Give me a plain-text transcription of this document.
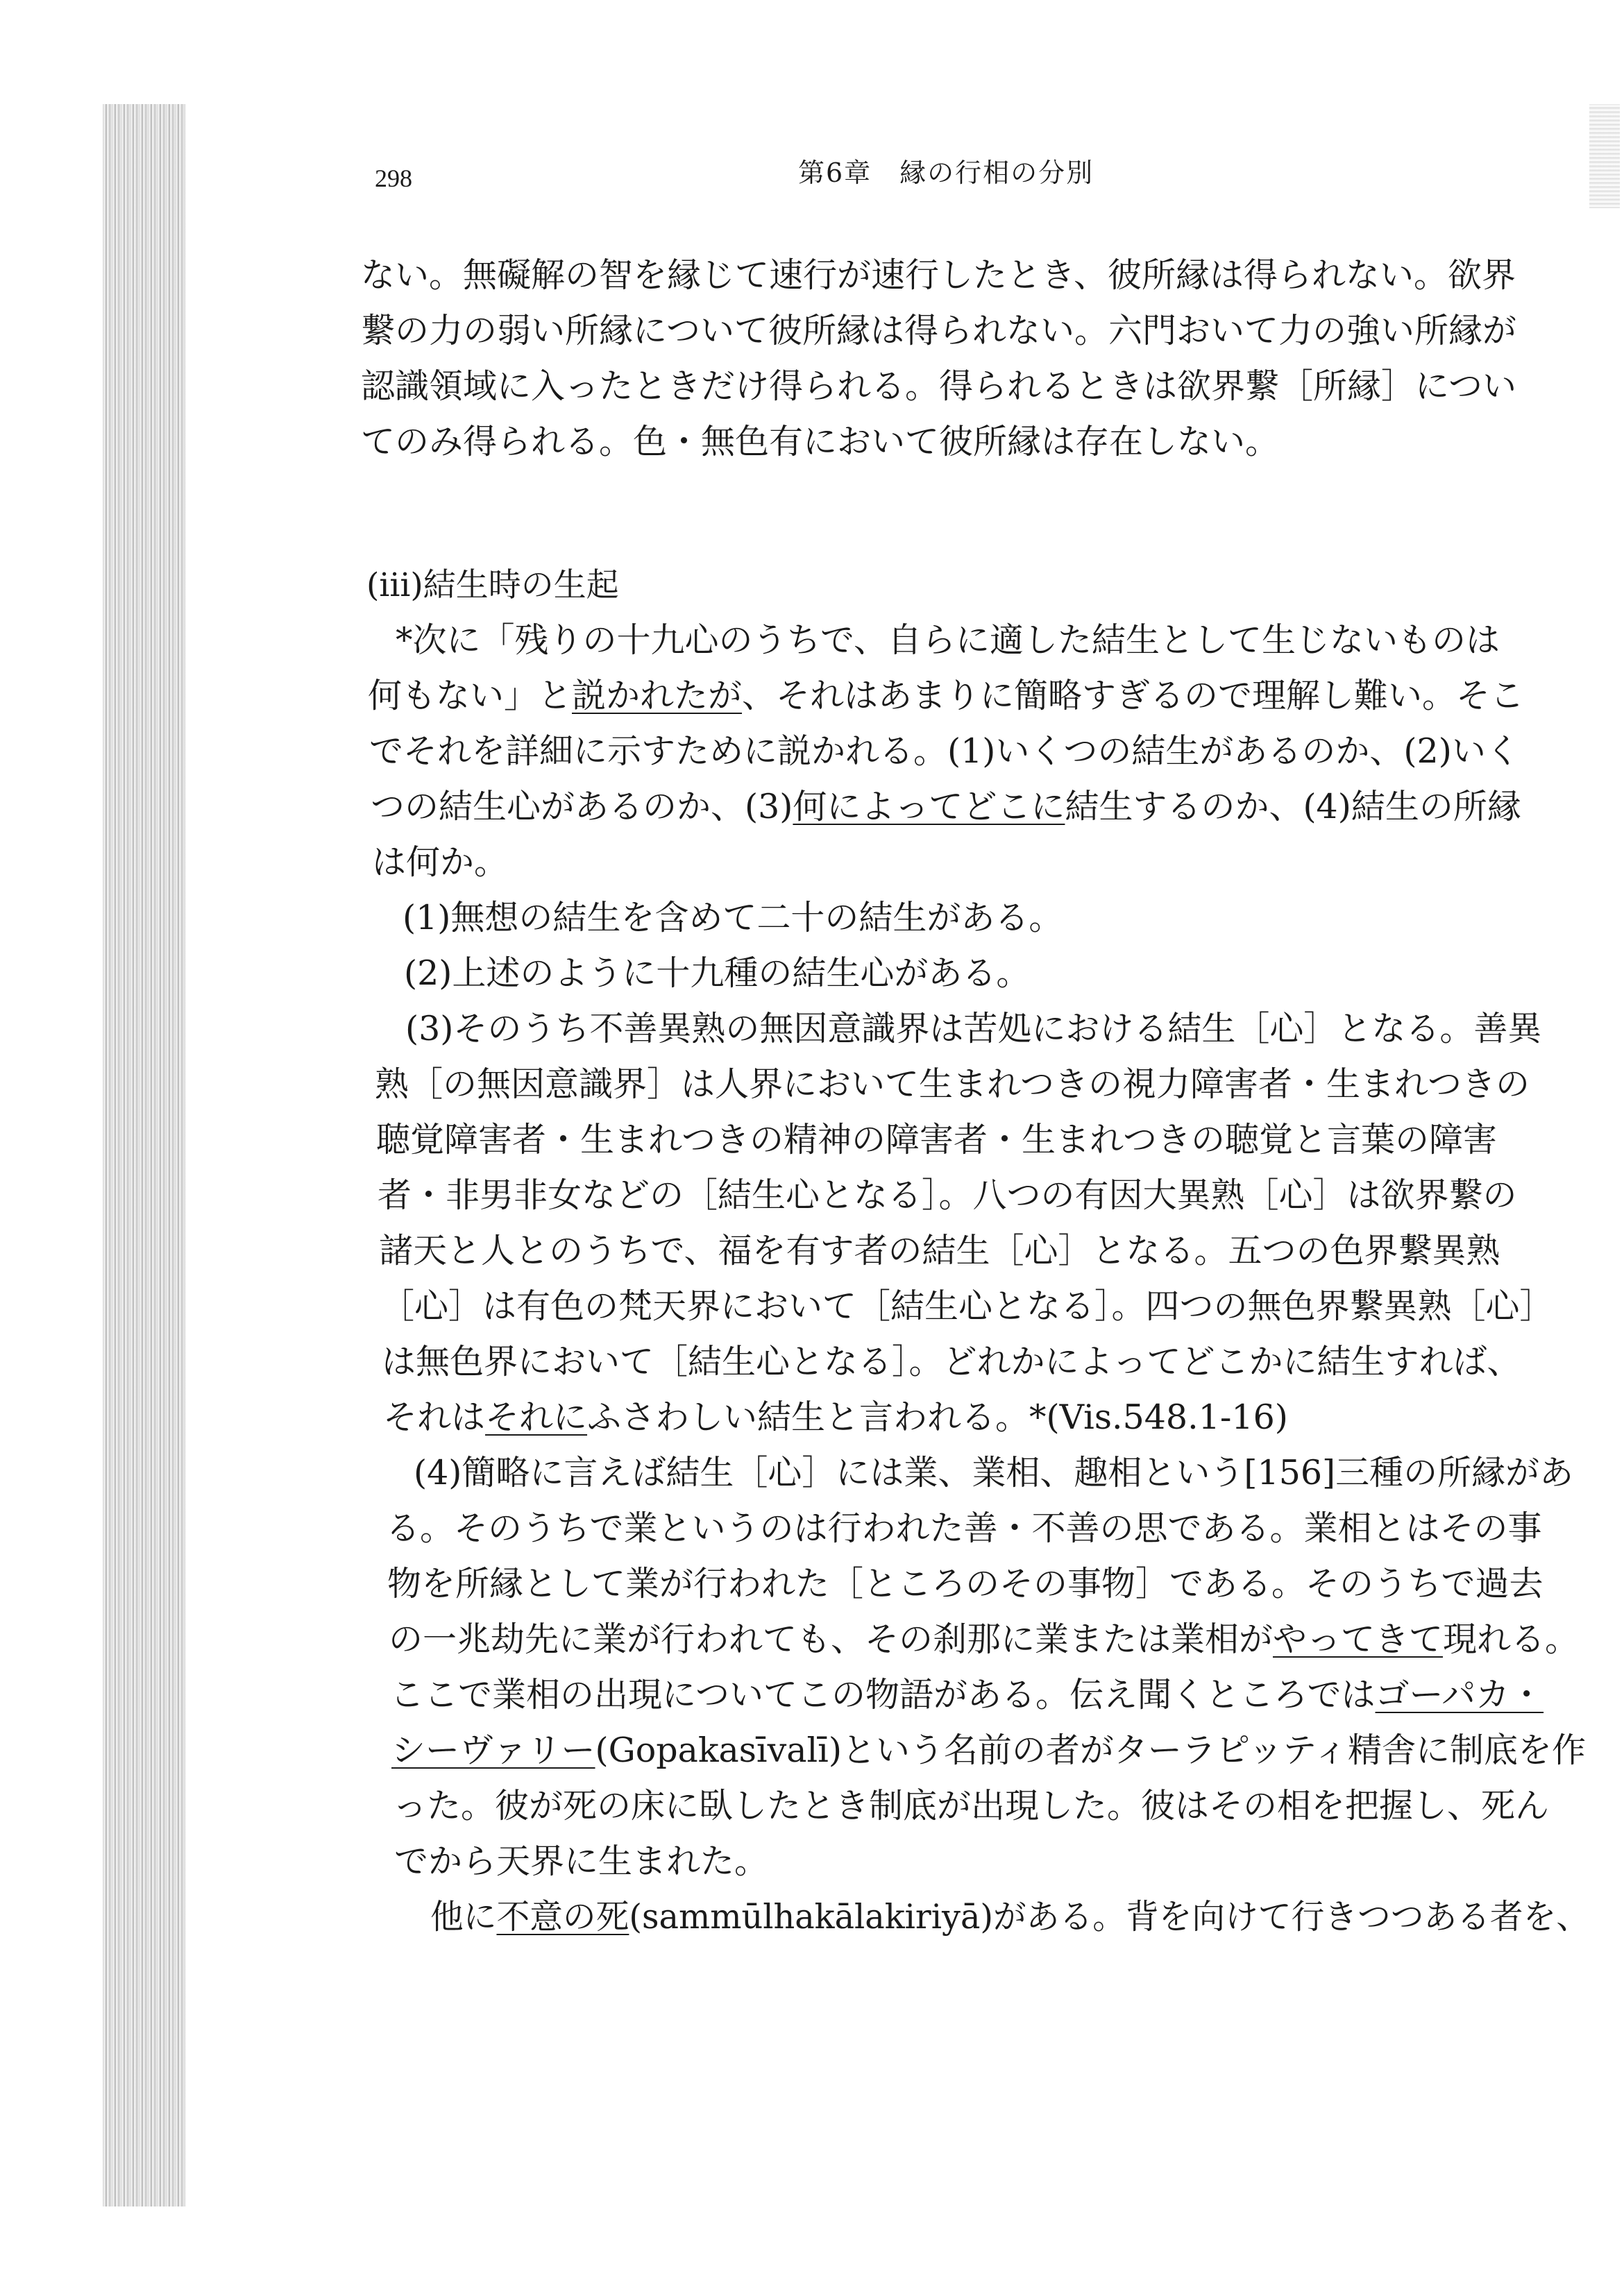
298	第6章　縁の行相の分別
ない。無礙解の智を縁じて速行が速行したとき、彼所縁は得られない。欲界
繋の力の弱い所縁について彼所縁は得られない。六門おいて力の強い所縁が
認識領域に入ったときだけ得られる。得られるときは欲界繋［所縁］につい
てのみ得られる。色・無色有において彼所縁は存在しない。
(iii)結生時の生起
*次に「残りの十九心のうちで、自らに適した結生として生じないものは
何もない」と説かれたが、それはあまりに簡略すぎるので理解し難い。そこ
でそれを詳細に示すために説かれる。(1)いくつの結生があるのか、(2)いく
つの結生心があるのか、(3)何によってどこに結生するのか、(4)結生の所縁
は何か。
(1)無想の結生を含めて二十の結生がある。
(2)上述のように十九種の結生心がある。
(3)そのうち不善異熟の無因意識界は苦処における結生［心］となる。善異
熟［の無因意識界］は人界において生まれつきの視力障害者・生まれつきの
聴覚障害者・生まれつきの精神の障害者・生まれつきの聴覚と言葉の障害
者・非男非女などの［結生心となる］。八つの有因大異熟［心］は欲界繋の
諸天と人とのうちで、福を有す者の結生［心］となる。五つの色界繋異熟
［心］は有色の梵天界において［結生心となる］。四つの無色界繋異熟［心］
は無色界において［結生心となる］。どれかによってどこかに結生すれば、
それはそれにふさわしい結生と言われる。*(Vis.548.1-16)
(4)簡略に言えば結生［心］には業、業相、趣相という[156]三種の所縁があ
る。そのうちで業というのは行われた善・不善の思である。業相とはその事
物を所縁として業が行われた［ところのその事物］である。そのうちで過去
の一兆劫先に業が行われても、その刹那に業または業相がやってきて現れる。
ここで業相の出現についてこの物語がある。伝え聞くところではゴーパカ・
シーヴァリー(Gopakasīvalī)という名前の者がターラピッティ精舎に制底を作
った。彼が死の床に臥したとき制底が出現した。彼はその相を把握し、死ん
でから天界に生まれた。
他に不意の死(sammūlhakālakiriyā)がある。背を向けて行きつつある者を、
